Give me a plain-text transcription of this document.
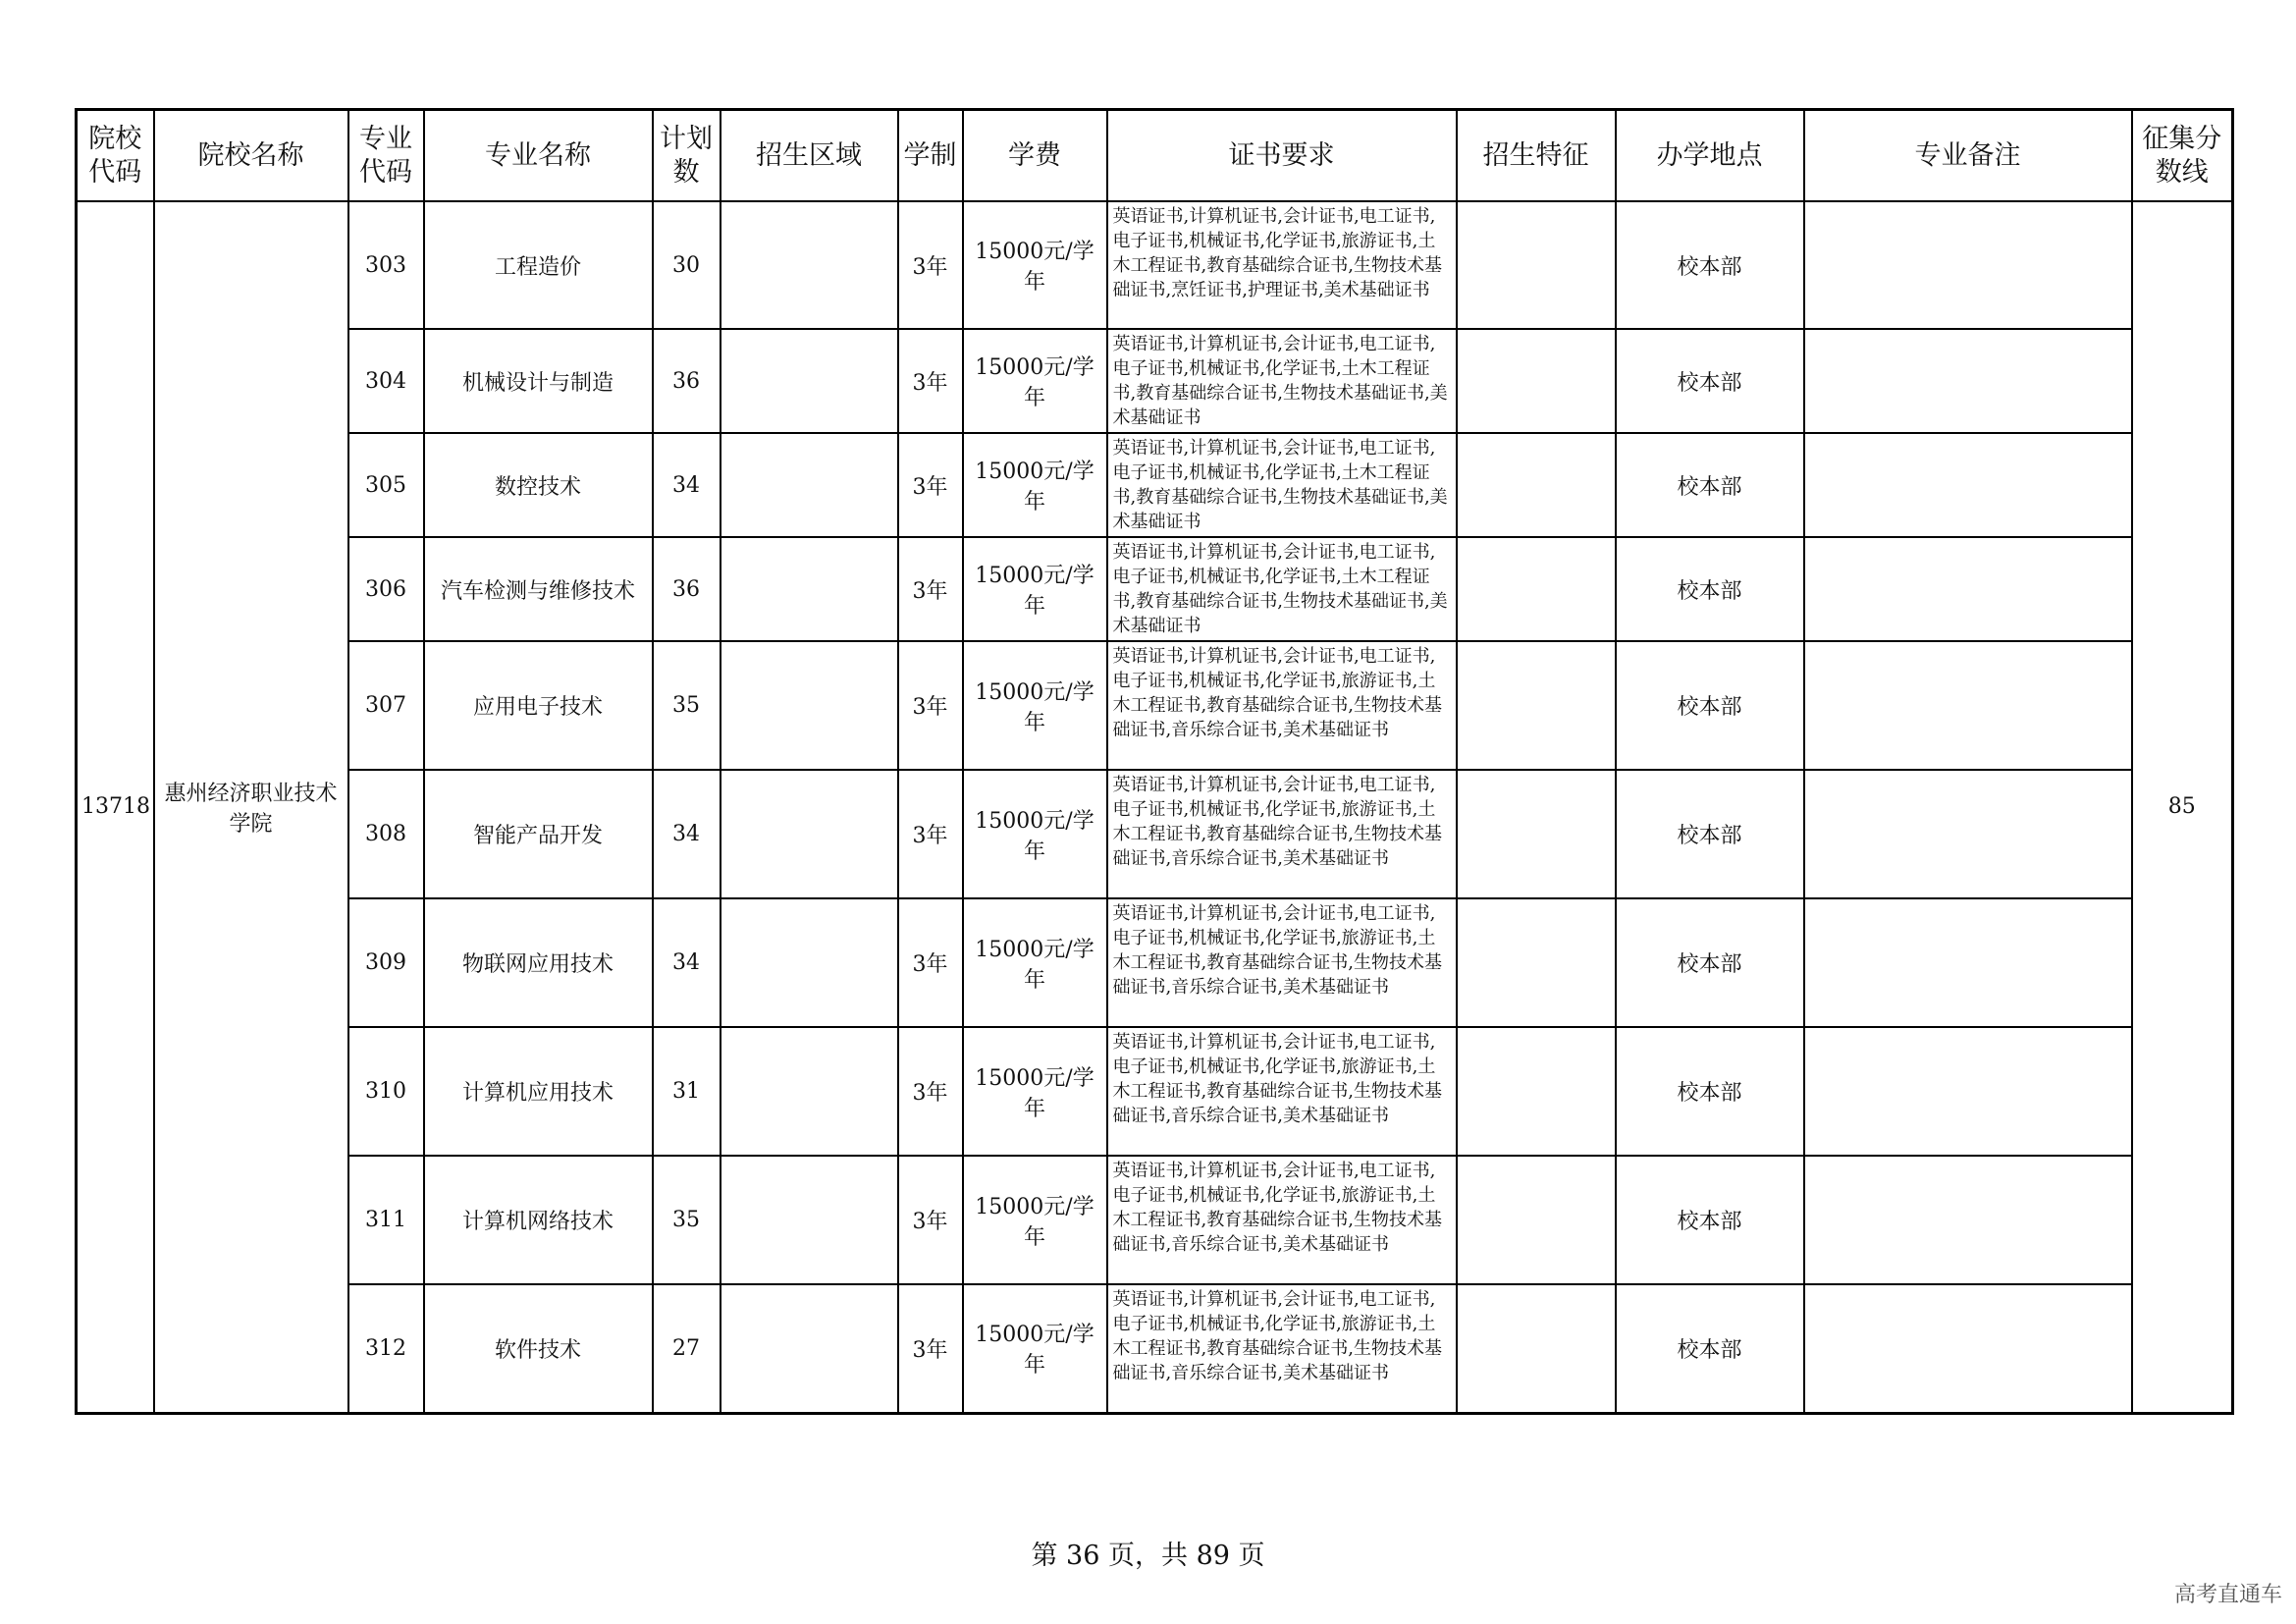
院校代码	院校名称	专业代码	专业名称	计划数	招生区域	学制	学费	证书要求	招生特征	办学地点	专业备注	征集分数线
13718	惠州经济职业技术学院	303	工程造价	30		3年	15000元/学年	英语证书,计算机证书,会计证书,电工证书,电子证书,机械证书,化学证书,旅游证书,土木工程证书,教育基础综合证书,生物技术基础证书,烹饪证书,护理证书,美术基础证书		校本部		85
		304	机械设计与制造	36		3年	15000元/学年	英语证书,计算机证书,会计证书,电工证书,电子证书,机械证书,化学证书,土木工程证书,教育基础综合证书,生物技术基础证书,美术基础证书		校本部		
		305	数控技术	34		3年	15000元/学年	英语证书,计算机证书,会计证书,电工证书,电子证书,机械证书,化学证书,土木工程证书,教育基础综合证书,生物技术基础证书,美术基础证书		校本部		
		306	汽车检测与维修技术	36		3年	15000元/学年	英语证书,计算机证书,会计证书,电工证书,电子证书,机械证书,化学证书,土木工程证书,教育基础综合证书,生物技术基础证书,美术基础证书		校本部		
		307	应用电子技术	35		3年	15000元/学年	英语证书,计算机证书,会计证书,电工证书,电子证书,机械证书,化学证书,旅游证书,土木工程证书,教育基础综合证书,生物技术基础证书,音乐综合证书,美术基础证书		校本部		
		308	智能产品开发	34		3年	15000元/学年	英语证书,计算机证书,会计证书,电工证书,电子证书,机械证书,化学证书,旅游证书,土木工程证书,教育基础综合证书,生物技术基础证书,音乐综合证书,美术基础证书		校本部		
		309	物联网应用技术	34		3年	15000元/学年	英语证书,计算机证书,会计证书,电工证书,电子证书,机械证书,化学证书,旅游证书,土木工程证书,教育基础综合证书,生物技术基础证书,音乐综合证书,美术基础证书		校本部		
		310	计算机应用技术	31		3年	15000元/学年	英语证书,计算机证书,会计证书,电工证书,电子证书,机械证书,化学证书,旅游证书,土木工程证书,教育基础综合证书,生物技术基础证书,音乐综合证书,美术基础证书		校本部		
		311	计算机网络技术	35		3年	15000元/学年	英语证书,计算机证书,会计证书,电工证书,电子证书,机械证书,化学证书,旅游证书,土木工程证书,教育基础综合证书,生物技术基础证书,音乐综合证书,美术基础证书		校本部		
		312	软件技术	27		3年	15000元/学年	英语证书,计算机证书,会计证书,电工证书,电子证书,机械证书,化学证书,旅游证书,土木工程证书,教育基础综合证书,生物技术基础证书,音乐综合证书,美术基础证书		校本部		
第 36 页，共 89 页
高考直通车
